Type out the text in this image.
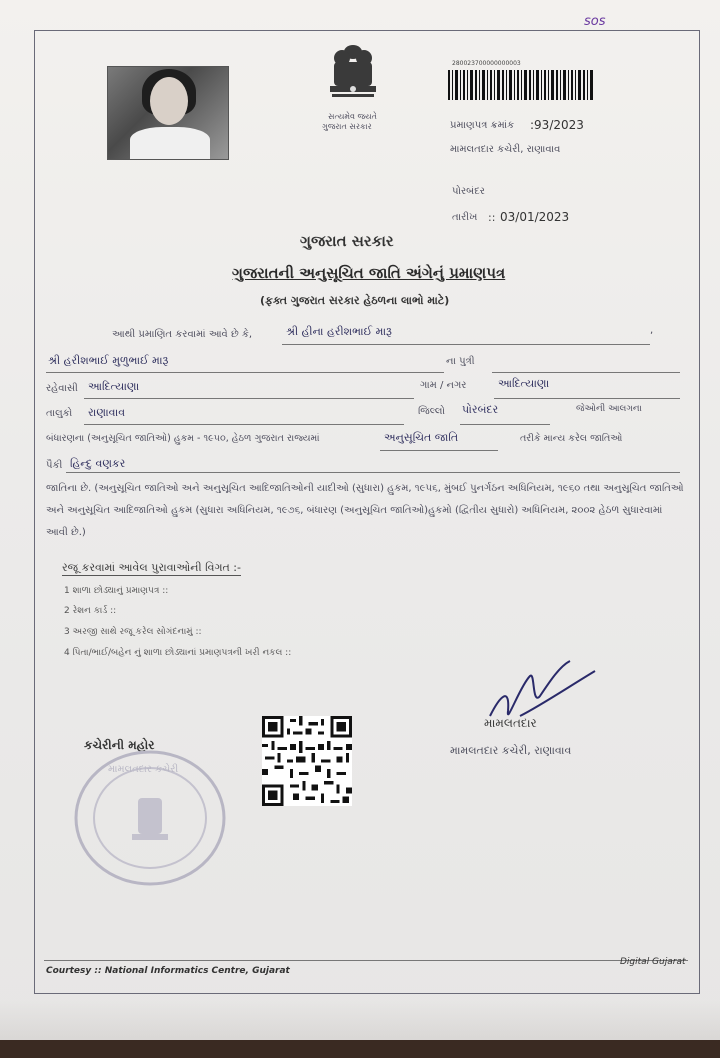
sos
સત્યમેવ જયતે
ગુજરાત સરકાર
280023700000000003
પ્રમાણપત્ર ક્રમાંક :93/2023
મામલતદાર કચેરી, રાણાવાવ
પોરબંદર
તારીખ :: 03/01/2023
ગુજરાત સરકાર
ગુજરાતની અનુસૂચિત જાતિ અંગેનું પ્રમાણપત્ર
(ફક્ત ગુજરાત સરકાર હેઠળના લાભો માટે)
આથી પ્રમાણિત કરવામાં આવે છે કે,	શ્રી હીના હરીશભાઈ મારૂ	,
શ્રી હરીશભાઈ મુળુભાઈ મારૂ	ના પુત્રી
રહેવાસી આદિત્યાણા	ગામ / નગર	આદિત્યાણા
તાલુકો રાણાવાવ	જિલ્લો પોરબંદર	જેઓની આલગના
બંધારણના (અનુસૂચિત જાતિઓ) હુકમ - ૧૯૫૦, હેઠળ ગુજરાત રાજ્યમાં	અનુસૂચિત જાતિ	તરીકે માન્ય કરેલ જાતિઓ
પૈકી હિન્દુ વણકર
જાતિના છે. (અનુસૂચિત જાતિઓ અને અનુસૂચિત આદિજાતિઓની યાદીઓ (સુધારા) હુકમ, ૧૯૫૬, મુંબઈ પુનર્ગઠન અધિનિયમ, ૧૯૬૦ તથા અનુસૂચિત જાતિઓ અને અનુસૂચિત આદિજાતિઓ હુકમ (સુધારા અધિનિયમ, ૧૯૭૬, બંધારણ (અનુસૂચિત જાતિઓ)હુકમો (દ્વિતીય સુધારો) અધિનિયમ, ૨૦૦૨ હેઠળ સુધારવામાં આવી છે.)
રજૂ કરવામાં આવેલ પુરાવાઓની વિગત :-
1 શાળા છોડ્યાનું પ્રમાણપત્ર ::
2 રેશન કાર્ડ ::
3 અરજી સાથે રજૂ કરેલ સોગંદનામું ::
4 પિતા/ભાઈ/બહેન નું શાળા છોડ્યાનાં પ્રમાણપત્રની ખરી નકલ ::
મામલતદાર
મામલતદાર કચેરી, રાણાવાવ
કચેરીની મહોર
મામલતદાર કચેરી
Courtesy :: National Informatics Centre, Gujarat
Digital Gujarat
